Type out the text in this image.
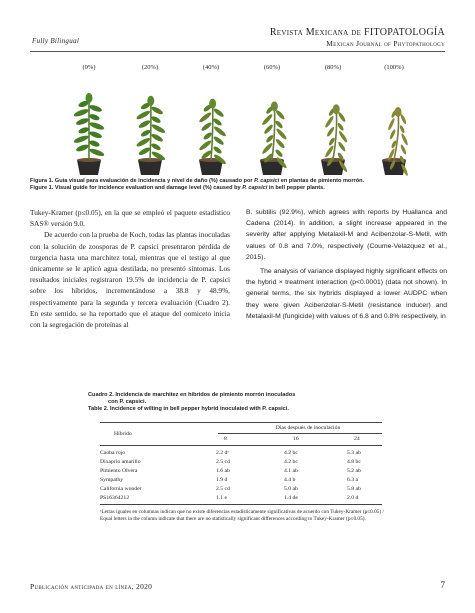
Fully Bilingual
Revista Mexicana de FITOPATOLOGÍA
Mexican Journal of Phytopathology
(0%)	(20%)	(40%)	(60%)	(80%)	(100%)
Figura 1. Guía visual para evaluación de incidencia y nivel de daño (%) causado por P. capsici en plantas de pimiento morrón.
Figure 1. Visual guide for incidence evaluation and damage level (%) caused by P. capsici in bell pepper plants.

Tukey-Kramer (p≤0.05), en la que se empleó el paquete estadístico SAS® versión 9.0.

De acuerdo con la prueba de Koch, todas las plantas inoculadas con la solución de zoosporas de P. capsici presentaron pérdida de turgencia hasta una marchitez total, mientras que el testigo al que únicamente se le aplicó agua destilada, no presentó síntomas. Los resultados iniciales registraron 19.5% de incidencia de P. capsici sobre los híbridos, incrementándose a 38.8 y 48.9%, respectivamente para la segunda y tercera evaluación (Cuadro 2). En este sentido, se ha reportado que el ataque del oomiceto inicia con la segregación de proteínas al

B. subtilis (92.9%), which agrees with reports by Huallanca and Cadena (2014). In addition, a slight increase appeared in the severity after applying Metalaxil-M and Acibenzolar-S-Metil, with values of 0.8 and 7.0%, respectively (Coume-Velazquez et al., 2015).

The analysis of variance displayed highly significant effects on the hybrid × treatment interaction (p<0.0001) (data not shown). In general terms, the six hybrids displayed a lower AUDPC when they were given Acibenzolar-S-Metil (resistance inducer) and Metalaxil-M (fungicide) with values of 6.8 and 0.8% respectively, in

Cuadro 2. Incidencia de marchitez en híbridos de pimiento morrón inoculados
con P. capsici.
Table 2. Incidence of wilting in bell pepper hybrid inoculated with P. capsici.
Días después de inoculación
Híbrido
8	16	24
Caoba rojo	2.2 dᶻ	4.2 bc	5.3 ab
Dixaprio amarillo	2.5 cd	4.2 bc	4.8 bc
Pimiento Olvera	1.6 ab	4.1 ab	5.2 ab
Sympathy	1.9 d	4.4 b	6.3 a
California wonder	2.5 cd	5.0 ab	5.8 ab
PS16364212	1.1 e	1.4 de	2.0 d
ᶻLetras iguales en columnas indican que no existe diferencias estadísticamente significativas de acuerdo con Tukey-Kramer (p≤0.05) / Equal letters in the column indicate that there are no statistically significant differences according to Tukey-Kramer (p≤0.05).
Publicación anticipada en línea, 2020	7
